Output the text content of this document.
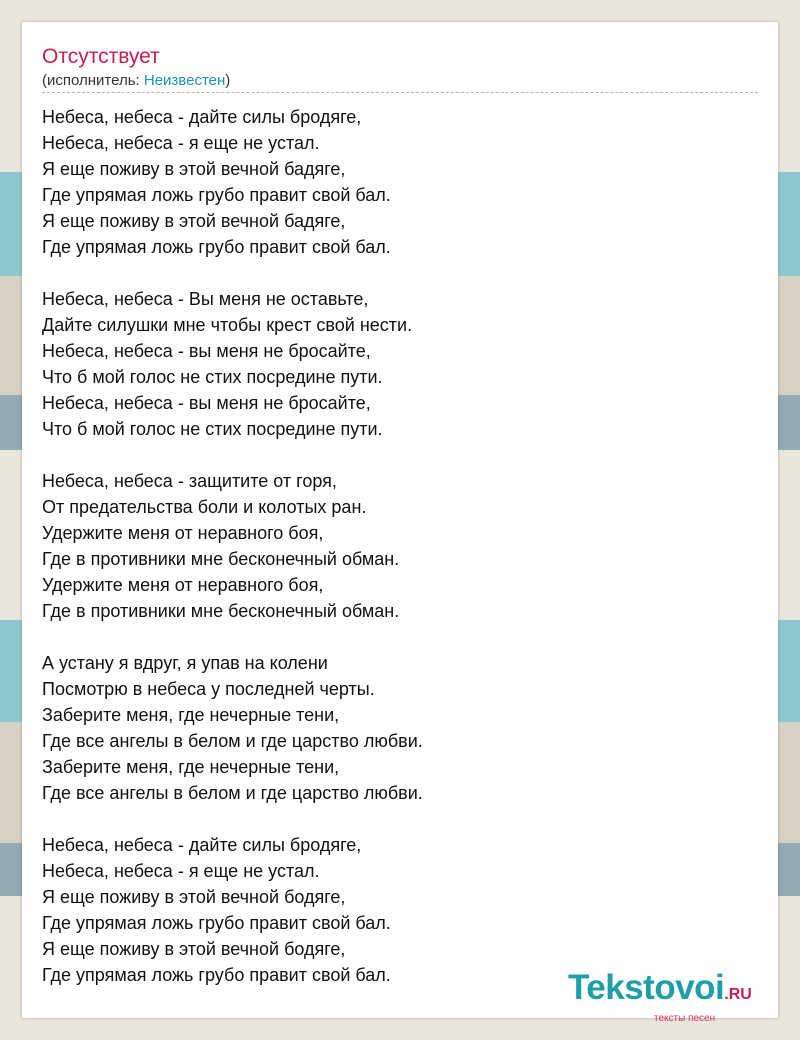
Отсутствует
(исполнитель: Неизвестен)
Небеса, небеса - дайте силы бродяге,
Небеса, небеса - я еще не устал.
Я еще поживу в этой вечной бадяге,
Где упрямая ложь грубо правит свой бал.
Я еще поживу в этой вечной бадяге,
Где упрямая ложь грубо правит свой бал.
Небеса, небеса - Вы меня не оставьте,
Дайте силушки мне чтобы крест свой нести.
Небеса, небеса - вы меня не бросайте,
Что б мой голос не стих посредине пути.
Небеса, небеса - вы меня не бросайте,
Что б мой голос не стих посредине пути.
Небеса, небеса - защитите от горя,
От предательства боли и колотых ран.
Удержите меня от неравного боя,
Где в противники мне бесконечный обман.
Удержите меня от неравного боя,
Где в противники мне бесконечный обман.
А устану я вдруг, я упав на колени
Посмотрю в небеса у последней черты.
Заберите меня, где нечерные тени,
Где все ангелы в белом и где царство любви.
Заберите меня, где нечерные тени,
Где все ангелы в белом и где царство любви.
Небеса, небеса - дайте силы бродяге,
Небеса, небеса - я еще не устал.
Я еще поживу в этой вечной бодяге,
Где упрямая ложь грубо правит свой бал.
Я еще поживу в этой вечной бодяге,
Где упрямая ложь грубо правит свой бал.	Tekstovoi.RU
тексты песен
